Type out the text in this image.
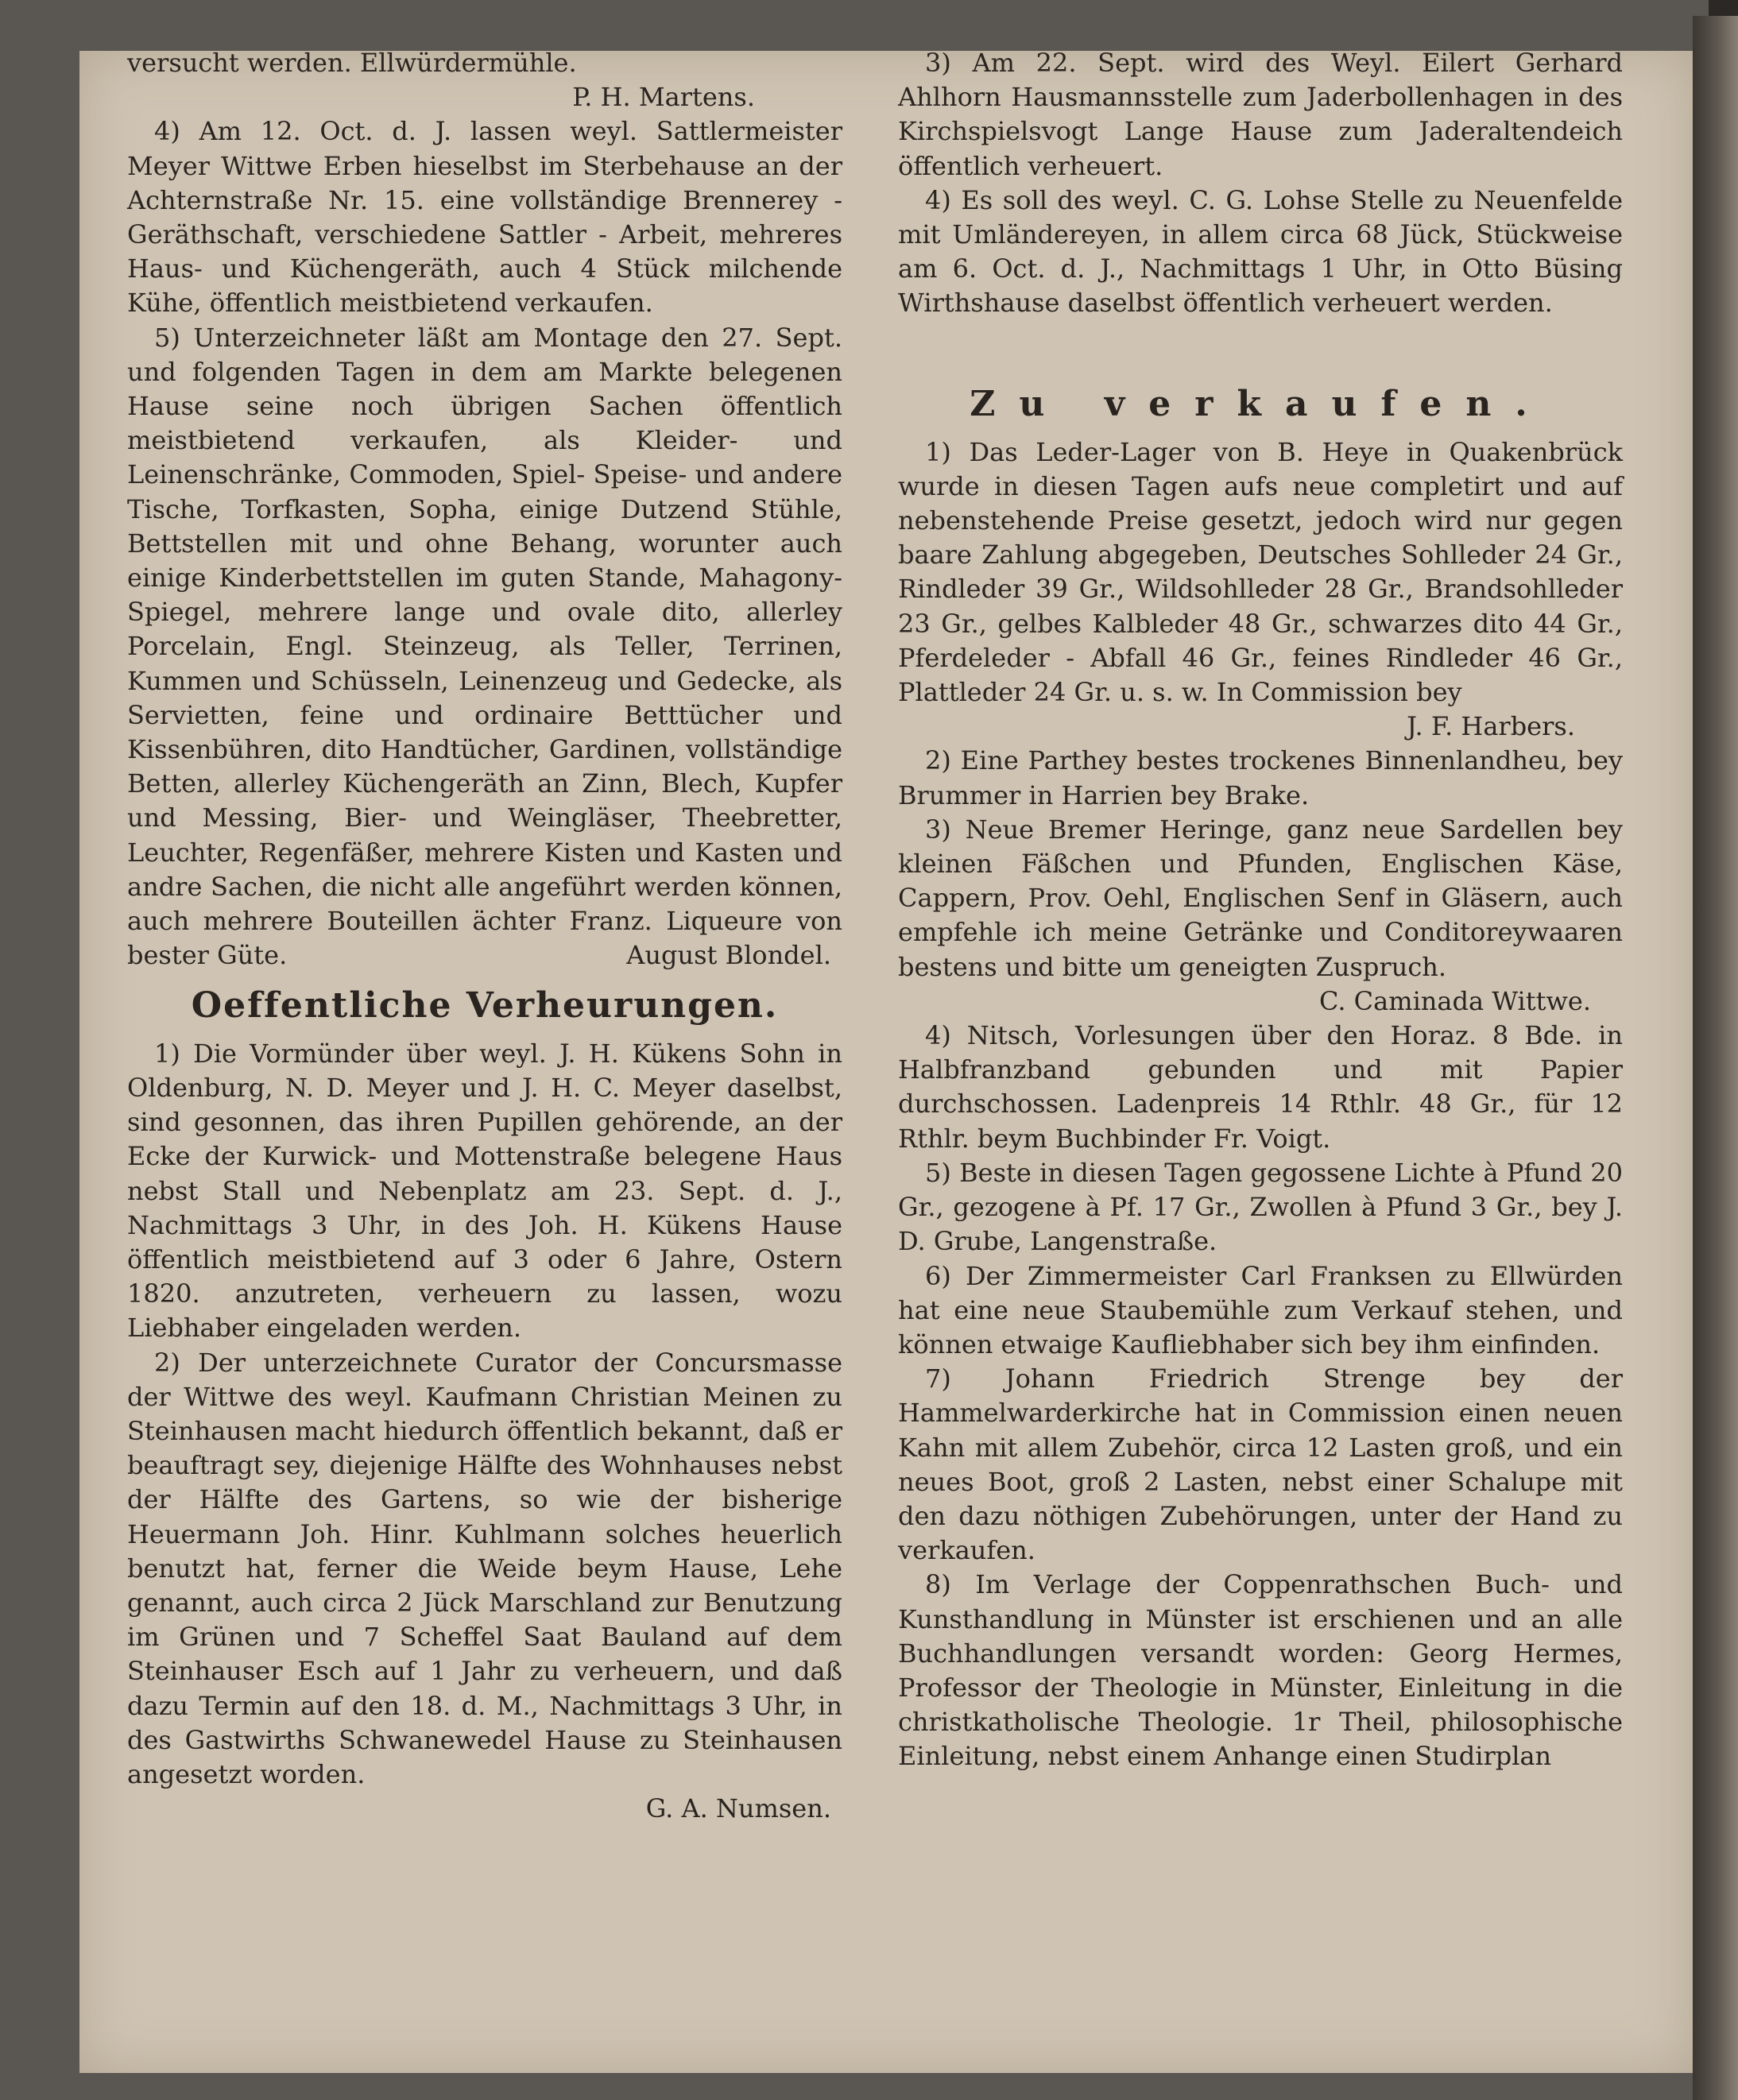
versucht werden. Ellwürdermühle.

P. H. Martens.

4) Am 12. Oct. d. J. lassen weyl. Sattlermeister Meyer Wittwe Erben hieselbst im Sterbehause an der Achternstraße Nr. 15. eine vollständige Brennerey - Geräthschaft, verschiedene Sattler - Arbeit, mehreres Haus- und Küchengeräth, auch 4 Stück milchende Kühe, öffentlich meistbietend verkaufen.

5) Unterzeichneter läßt am Montage den 27. Sept. und folgenden Tagen in dem am Markte belegenen Hause seine noch übrigen Sachen öffentlich meistbietend verkaufen, als Kleider- und Leinenschränke, Commoden, Spiel- Speise- und andere Tische, Torfkasten, Sopha, einige Dutzend Stühle, Bettstellen mit und ohne Behang, worunter auch einige Kinderbettstellen im guten Stande, Mahagony-Spiegel, mehrere lange und ovale dito, allerley Porcelain, Engl. Steinzeug, als Teller, Terrinen, Kummen und Schüsseln, Leinenzeug und Gedecke, als Servietten, feine und ordinaire Betttücher und Kissenbühren, dito Handtücher, Gardinen, vollständige Betten, allerley Küchengeräth an Zinn, Blech, Kupfer und Messing, Bier- und Weingläser, Theebretter, Leuchter, Regenfäßer, mehrere Kisten und Kasten und andre Sachen, die nicht alle angeführt werden können, auch mehrere Bouteillen ächter Franz. Liqueure von bester Güte.	August Blondel.

Oeffentliche Verheurungen.

1) Die Vormünder über weyl. J. H. Kükens Sohn in Oldenburg, N. D. Meyer und J. H. C. Meyer daselbst, sind gesonnen, das ihren Pupillen gehörende, an der Ecke der Kurwick- und Mottenstraße belegene Haus nebst Stall und Nebenplatz am 23. Sept. d. J., Nachmittags 3 Uhr, in des Joh. H. Kükens Hause öffentlich meistbietend auf 3 oder 6 Jahre, Ostern 1820. anzutreten, verheuern zu lassen, wozu Liebhaber eingeladen werden.

2) Der unterzeichnete Curator der Concursmasse der Wittwe des weyl. Kaufmann Christian Meinen zu Steinhausen macht hiedurch öffentlich bekannt, daß er beauftragt sey, diejenige Hälfte des Wohnhauses nebst der Hälfte des Gartens, so wie der bisherige Heuermann Joh. Hinr. Kuhlmann solches heuerlich benutzt hat, ferner die Weide beym Hause, Lehe genannt, auch circa 2 Jück Marschland zur Benutzung im Grünen und 7 Scheffel Saat Bauland auf dem Steinhauser Esch auf 1 Jahr zu verheuern, und daß dazu Termin auf den 18. d. M., Nachmittags 3 Uhr, in des Gastwirths Schwanewedel Hause zu Steinhausen angesetzt worden.

G. A. Numsen.

3) Am 22. Sept. wird des Weyl. Eilert Gerhard Ahlhorn Hausmannsstelle zum Jaderbollenhagen in des Kirchspielsvogt Lange Hause zum Jaderaltendeich öffentlich verheuert.

4) Es soll des weyl. C. G. Lohse Stelle zu Neuenfelde mit Umländereyen, in allem circa 68 Jück, Stückweise am 6. Oct. d. J., Nachmittags 1 Uhr, in Otto Büsing Wirthshause daselbst öffentlich verheuert werden.

Zu verkaufen.

1) Das Leder-Lager von B. Heye in Quakenbrück wurde in diesen Tagen aufs neue completirt und auf nebenstehende Preise gesetzt, jedoch wird nur gegen baare Zahlung abgegeben, Deutsches Sohlleder 24 Gr., Rindleder 39 Gr., Wildsohlleder 28 Gr., Brandsohlleder 23 Gr., gelbes Kalbleder 48 Gr., schwarzes dito 44 Gr., Pferdeleder - Abfall 46 Gr., feines Rindleder 46 Gr., Plattleder 24 Gr. u. s. w. In Commission bey

J. F. Harbers.

2) Eine Parthey bestes trockenes Binnenlandheu, bey Brummer in Harrien bey Brake.

3) Neue Bremer Heringe, ganz neue Sardellen bey kleinen Fäßchen und Pfunden, Englischen Käse, Cappern, Prov. Oehl, Englischen Senf in Gläsern, auch empfehle ich meine Getränke und Conditoreywaaren bestens und bitte um geneigten Zuspruch.

C. Caminada Wittwe.

4) Nitsch, Vorlesungen über den Horaz. 8 Bde. in Halbfranzband gebunden und mit Papier durchschossen. Ladenpreis 14 Rthlr. 48 Gr., für 12 Rthlr. beym Buchbinder Fr. Voigt.

5) Beste in diesen Tagen gegossene Lichte à Pfund 20 Gr., gezogene à Pf. 17 Gr., Zwollen à Pfund 3 Gr., bey J. D. Grube, Langenstraße.

6) Der Zimmermeister Carl Franksen zu Ellwürden hat eine neue Staubemühle zum Verkauf stehen, und können etwaige Kaufliebhaber sich bey ihm einfinden.

7) Johann Friedrich Strenge bey der Hammelwarderkirche hat in Commission einen neuen Kahn mit allem Zubehör, circa 12 Lasten groß, und ein neues Boot, groß 2 Lasten, nebst einer Schalupe mit den dazu nöthigen Zubehörungen, unter der Hand zu verkaufen.

8) Im Verlage der Coppenrathschen Buch- und Kunsthandlung in Münster ist erschienen und an alle Buchhandlungen versandt worden: Georg Hermes, Professor der Theologie in Münster, Einleitung in die christkatholische Theologie. 1r Theil, philosophische Einleitung, nebst einem Anhange einen Studirplan
